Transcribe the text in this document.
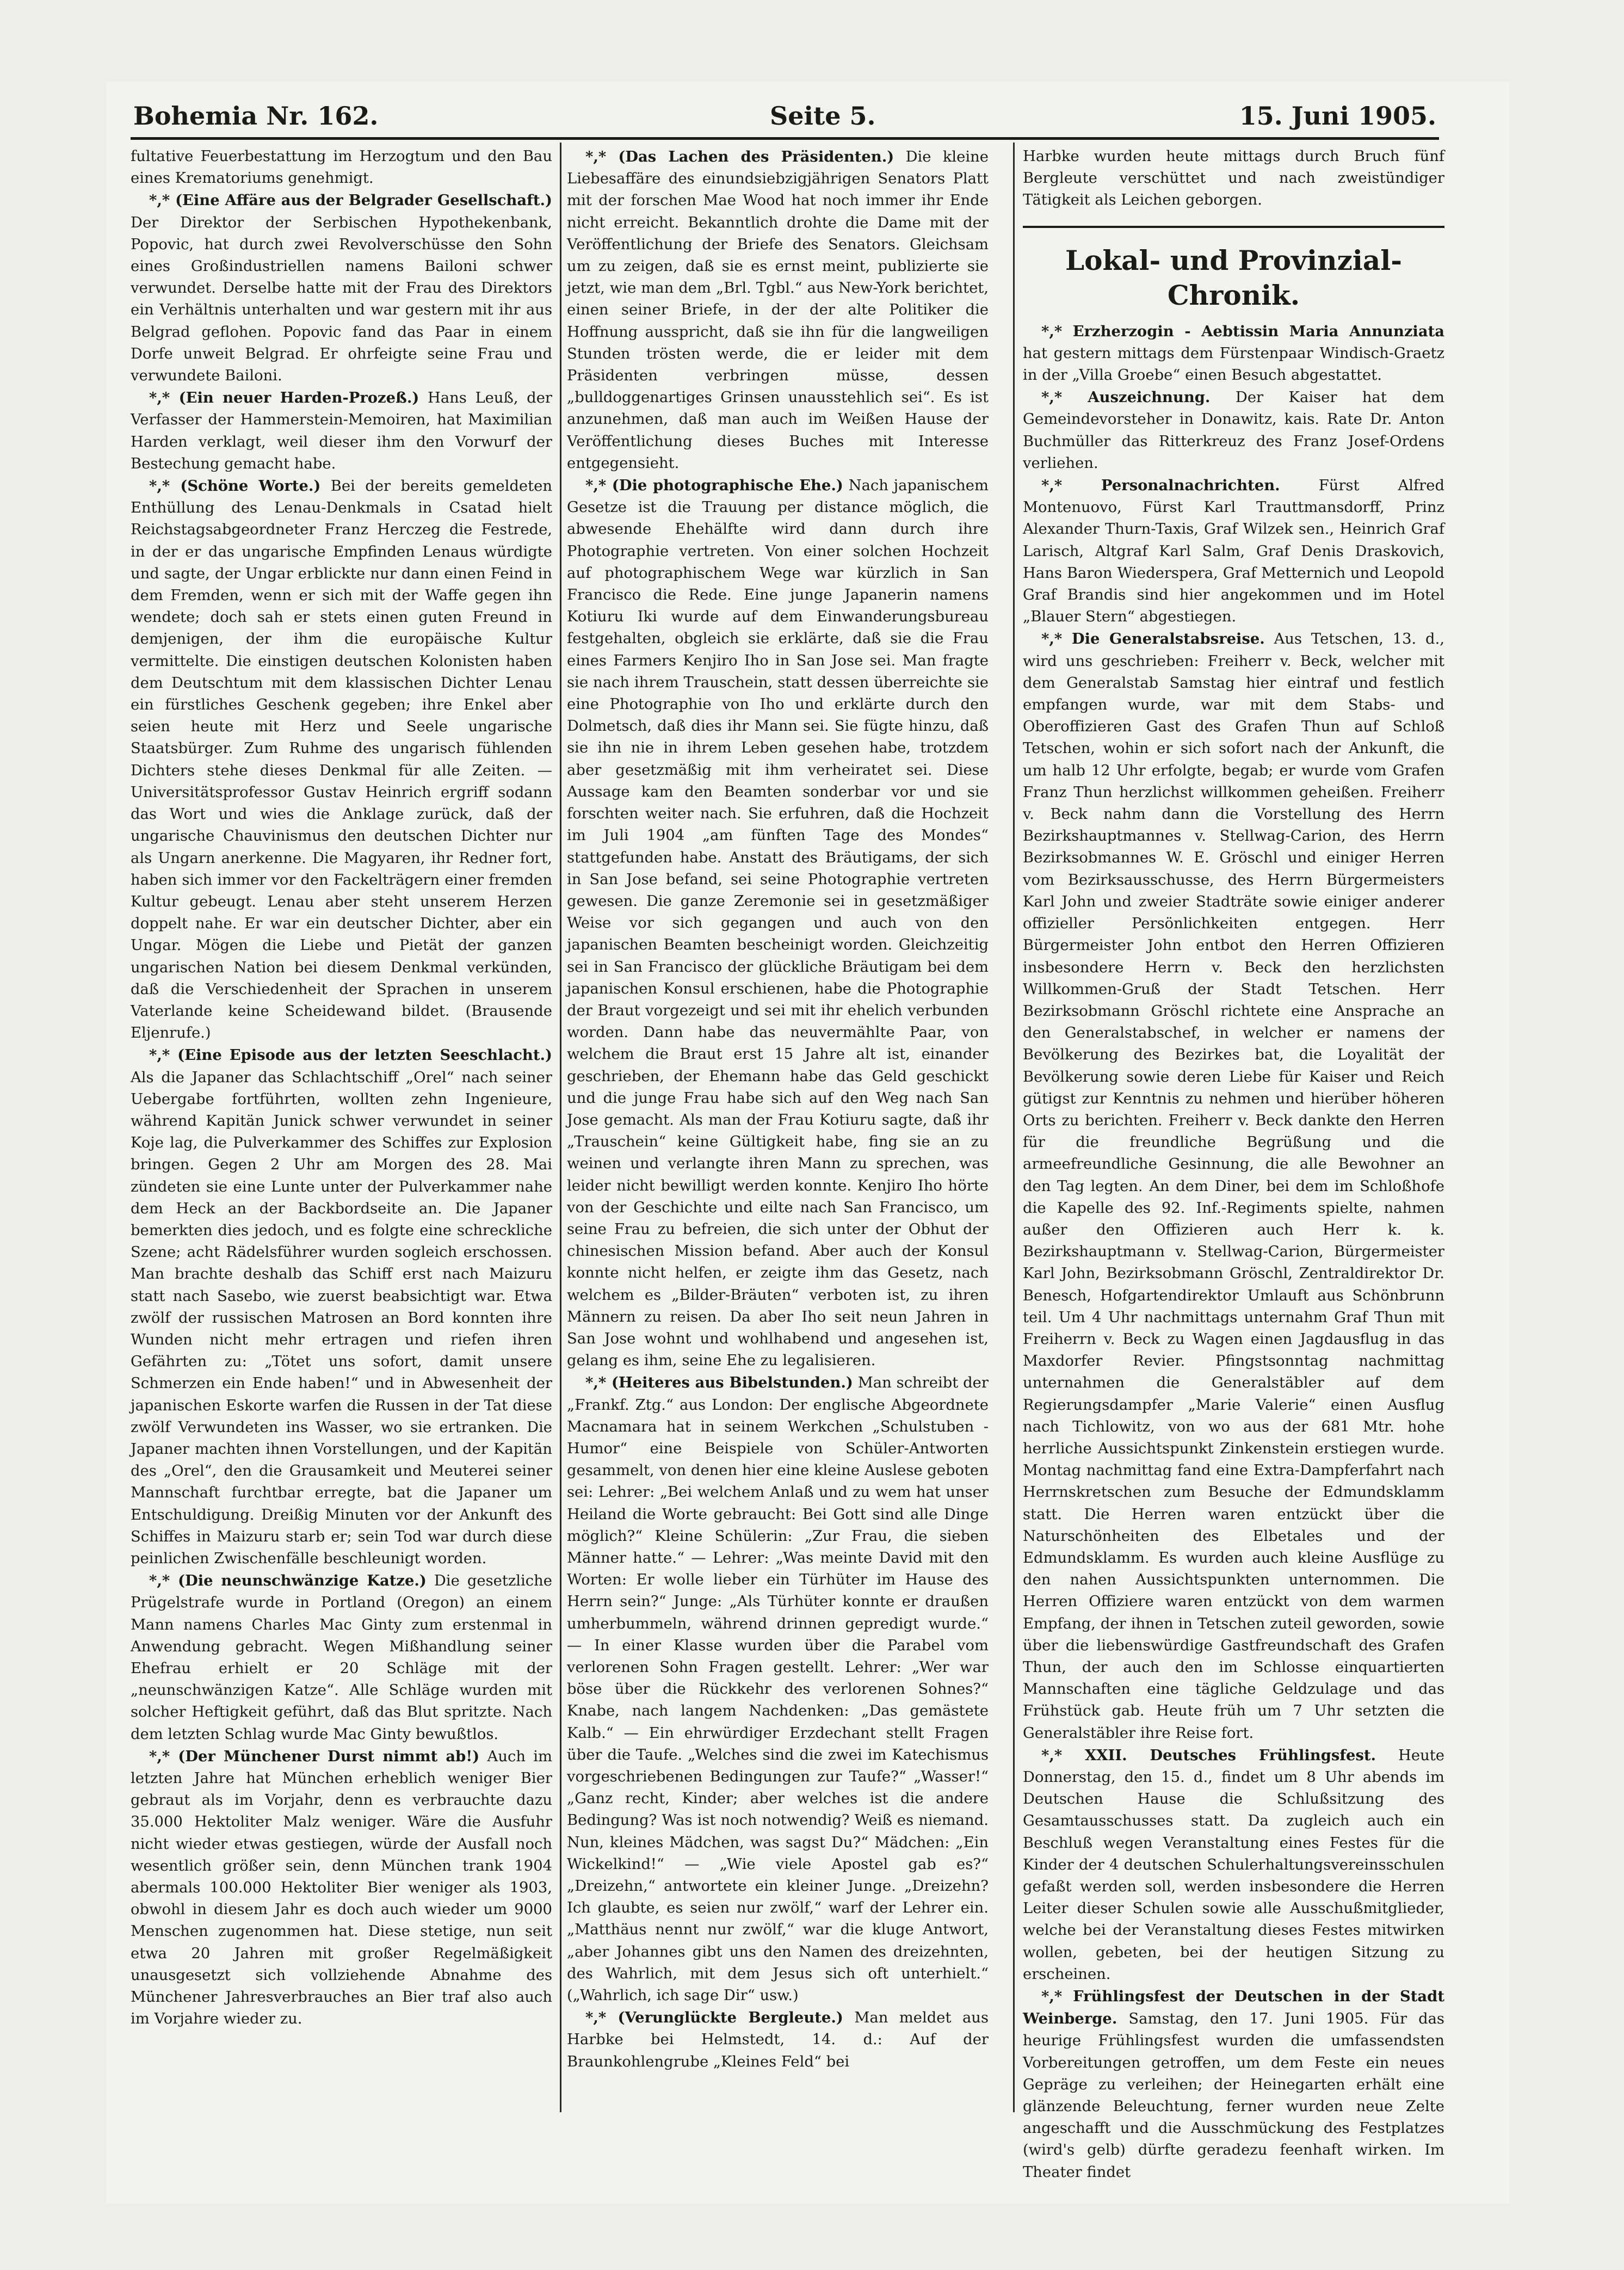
Bohemia Nr. 162.	Seite 5.	15. Juni 1905.

fultative Feuerbestattung im Herzogtum und den Bau eines Krematoriums genehmigt.

*,* (Eine Affäre aus der Belgrader Gesellschaft.) Der Direktor der Serbischen Hypothekenbank, Popovic, hat durch zwei Revolverschüsse den Sohn eines Großindustriellen namens Bailoni schwer verwundet. Derselbe hatte mit der Frau des Direktors ein Verhältnis unterhalten und war gestern mit ihr aus Belgrad geflohen. Popovic fand das Paar in einem Dorfe unweit Belgrad. Er ohrfeigte seine Frau und verwundete Bailoni.

*,* (Ein neuer Harden-Prozeß.) Hans Leuß, der Verfasser der Hammerstein-Memoiren, hat Maximilian Harden verklagt, weil dieser ihm den Vorwurf der Bestechung gemacht habe.

*,* (Schöne Worte.) Bei der bereits gemeldeten Enthüllung des Lenau-Denkmals in Csatad hielt Reichstagsabgeordneter Franz Herczeg die Festrede, in der er das ungarische Empfinden Lenaus würdigte und sagte, der Ungar erblickte nur dann einen Feind in dem Fremden, wenn er sich mit der Waffe gegen ihn wendete; doch sah er stets einen guten Freund in demjenigen, der ihm die europäische Kultur vermittelte. Die einstigen deutschen Kolonisten haben dem Deutschtum mit dem klassischen Dichter Lenau ein fürstliches Geschenk gegeben; ihre Enkel aber seien heute mit Herz und Seele ungarische Staatsbürger. Zum Ruhme des ungarisch fühlenden Dichters stehe dieses Denkmal für alle Zeiten. — Universitätsprofessor Gustav Heinrich ergriff sodann das Wort und wies die Anklage zurück, daß der ungarische Chauvinismus den deutschen Dichter nur als Ungarn anerkenne. Die Magyaren, ihr Redner fort, haben sich immer vor den Fackelträgern einer fremden Kultur gebeugt. Lenau aber steht unserem Herzen doppelt nahe. Er war ein deutscher Dichter, aber ein Ungar. Mögen die Liebe und Pietät der ganzen ungarischen Nation bei diesem Denkmal verkünden, daß die Verschiedenheit der Sprachen in unserem Vaterlande keine Scheidewand bildet. (Brausende Eljenrufe.)

*,* (Eine Episode aus der letzten Seeschlacht.) Als die Japaner das Schlachtschiff „Orel“ nach seiner Uebergabe fortführten, wollten zehn Ingenieure, während Kapitän Junick schwer verwundet in seiner Koje lag, die Pulverkammer des Schiffes zur Explosion bringen. Gegen 2 Uhr am Morgen des 28. Mai zündeten sie eine Lunte unter der Pulverkammer nahe dem Heck an der Backbordseite an. Die Japaner bemerkten dies jedoch, und es folgte eine schreckliche Szene; acht Rädelsführer wurden sogleich erschossen. Man brachte deshalb das Schiff erst nach Maizuru statt nach Sasebo, wie zuerst beabsichtigt war. Etwa zwölf der russischen Matrosen an Bord konnten ihre Wunden nicht mehr ertragen und riefen ihren Gefährten zu: „Tötet uns sofort, damit unsere Schmerzen ein Ende haben!“ und in Abwesenheit der japanischen Eskorte warfen die Russen in der Tat diese zwölf Verwundeten ins Wasser, wo sie ertranken. Die Japaner machten ihnen Vorstellungen, und der Kapitän des „Orel“, den die Grausamkeit und Meuterei seiner Mannschaft furchtbar erregte, bat die Japaner um Entschuldigung. Dreißig Minuten vor der Ankunft des Schiffes in Maizuru starb er; sein Tod war durch diese peinlichen Zwischenfälle beschleunigt worden.

*,* (Die neunschwänzige Katze.) Die gesetzliche Prügelstrafe wurde in Portland (Oregon) an einem Mann namens Charles Mac Ginty zum erstenmal in Anwendung gebracht. Wegen Mißhandlung seiner Ehefrau erhielt er 20 Schläge mit der „neunschwänzigen Katze“. Alle Schläge wurden mit solcher Heftigkeit geführt, daß das Blut spritzte. Nach dem letzten Schlag wurde Mac Ginty bewußtlos.

*,* (Der Münchener Durst nimmt ab!) Auch im letzten Jahre hat München erheblich weniger Bier gebraut als im Vorjahr, denn es verbrauchte dazu 35.000 Hektoliter Malz weniger. Wäre die Ausfuhr nicht wieder etwas gestiegen, würde der Ausfall noch wesentlich größer sein, denn München trank 1904 abermals 100.000 Hektoliter Bier weniger als 1903, obwohl in diesem Jahr es doch auch wieder um 9000 Menschen zugenommen hat. Diese stetige, nun seit etwa 20 Jahren mit großer Regelmäßigkeit unausgesetzt sich vollziehende Abnahme des Münchener Jahresverbrauches an Bier traf also auch im Vorjahre wieder zu.

*,* (Das Lachen des Präsidenten.) Die kleine Liebesaffäre des einundsiebzigjährigen Senators Platt mit der forschen Mae Wood hat noch immer ihr Ende nicht erreicht. Bekanntlich drohte die Dame mit der Veröffentlichung der Briefe des Senators. Gleichsam um zu zeigen, daß sie es ernst meint, publizierte sie jetzt, wie man dem „Brl. Tgbl.“ aus New-York berichtet, einen seiner Briefe, in der der alte Politiker die Hoffnung ausspricht, daß sie ihn für die langweiligen Stunden trösten werde, die er leider mit dem Präsidenten verbringen müsse, dessen „bulldoggenartiges Grinsen unausstehlich sei“. Es ist anzunehmen, daß man auch im Weißen Hause der Veröffentlichung dieses Buches mit Interesse entgegensieht.

*,* (Die photographische Ehe.) Nach japanischem Gesetze ist die Trauung per distance möglich, die abwesende Ehehälfte wird dann durch ihre Photographie vertreten. Von einer solchen Hochzeit auf photographischem Wege war kürzlich in San Francisco die Rede. Eine junge Japanerin namens Kotiuru Iki wurde auf dem Einwanderungsbureau festgehalten, obgleich sie erklärte, daß sie die Frau eines Farmers Kenjiro Iho in San Jose sei. Man fragte sie nach ihrem Trauschein, statt dessen überreichte sie eine Photographie von Iho und erklärte durch den Dolmetsch, daß dies ihr Mann sei. Sie fügte hinzu, daß sie ihn nie in ihrem Leben gesehen habe, trotzdem aber gesetzmäßig mit ihm verheiratet sei. Diese Aussage kam den Beamten sonderbar vor und sie forschten weiter nach. Sie erfuhren, daß die Hochzeit im Juli 1904 „am fünften Tage des Mondes“ stattgefunden habe. Anstatt des Bräutigams, der sich in San Jose befand, sei seine Photographie vertreten gewesen. Die ganze Zeremonie sei in gesetzmäßiger Weise vor sich gegangen und auch von den japanischen Beamten bescheinigt worden. Gleichzeitig sei in San Francisco der glückliche Bräutigam bei dem japanischen Konsul erschienen, habe die Photographie der Braut vorgezeigt und sei mit ihr ehelich verbunden worden. Dann habe das neuvermählte Paar, von welchem die Braut erst 15 Jahre alt ist, einander geschrieben, der Ehemann habe das Geld geschickt und die junge Frau habe sich auf den Weg nach San Jose gemacht. Als man der Frau Kotiuru sagte, daß ihr „Trauschein“ keine Gültigkeit habe, fing sie an zu weinen und verlangte ihren Mann zu sprechen, was leider nicht bewilligt werden konnte. Kenjiro Iho hörte von der Geschichte und eilte nach San Francisco, um seine Frau zu befreien, die sich unter der Obhut der chinesischen Mission befand. Aber auch der Konsul konnte nicht helfen, er zeigte ihm das Gesetz, nach welchem es „Bilder-Bräuten“ verboten ist, zu ihren Männern zu reisen. Da aber Iho seit neun Jahren in San Jose wohnt und wohlhabend und angesehen ist, gelang es ihm, seine Ehe zu legalisieren.

*,* (Heiteres aus Bibelstunden.) Man schreibt der „Frankf. Ztg.“ aus London: Der englische Abgeordnete Macnamara hat in seinem Werkchen „Schulstuben - Humor“ eine Beispiele von Schüler-Antworten gesammelt, von denen hier eine kleine Auslese geboten sei: Lehrer: „Bei welchem Anlaß und zu wem hat unser Heiland die Worte gebraucht: Bei Gott sind alle Dinge möglich?“ Kleine Schülerin: „Zur Frau, die sieben Männer hatte.“ — Lehrer: „Was meinte David mit den Worten: Er wolle lieber ein Türhüter im Hause des Herrn sein?“ Junge: „Als Türhüter konnte er draußen umherbummeln, während drinnen gepredigt wurde.“ — In einer Klasse wurden über die Parabel vom verlorenen Sohn Fragen gestellt. Lehrer: „Wer war böse über die Rückkehr des verlorenen Sohnes?“ Knabe, nach langem Nachdenken: „Das gemästete Kalb.“ — Ein ehrwürdiger Erzdechant stellt Fragen über die Taufe. „Welches sind die zwei im Katechismus vorgeschriebenen Bedingungen zur Taufe?“ „Wasser!“ „Ganz recht, Kinder; aber welches ist die andere Bedingung? Was ist noch notwendig? Weiß es niemand. Nun, kleines Mädchen, was sagst Du?“ Mädchen: „Ein Wickelkind!“ — „Wie viele Apostel gab es?“ „Dreizehn,“ antwortete ein kleiner Junge. „Dreizehn? Ich glaubte, es seien nur zwölf,“ warf der Lehrer ein. „Matthäus nennt nur zwölf,“ war die kluge Antwort, „aber Johannes gibt uns den Namen des dreizehnten, des Wahrlich, mit dem Jesus sich oft unterhielt.“ („Wahrlich, ich sage Dir“ usw.)

*,* (Verunglückte Bergleute.) Man meldet aus Harbke bei Helmstedt, 14. d.: Auf der Braunkohlengrube „Kleines Feld“ bei

Harbke wurden heute mittags durch Bruch fünf Bergleute verschüttet und nach zweistündiger Tätigkeit als Leichen geborgen.

Lokal- und Provinzial-Chronik.

*,* Erzherzogin - Aebtissin Maria Annunziata hat gestern mittags dem Fürstenpaar Windisch-Graetz in der „Villa Groebe“ einen Besuch abgestattet.

*,* Auszeichnung. Der Kaiser hat dem Gemeindevorsteher in Donawitz, kais. Rate Dr. Anton Buchmüller das Ritterkreuz des Franz Josef-Ordens verliehen.

*,* Personalnachrichten. Fürst Alfred Montenuovo, Fürst Karl Trauttmansdorff, Prinz Alexander Thurn-Taxis, Graf Wilzek sen., Heinrich Graf Larisch, Altgraf Karl Salm, Graf Denis Draskovich, Hans Baron Wiederspera, Graf Metternich und Leopold Graf Brandis sind hier angekommen und im Hotel „Blauer Stern“ abgestiegen.

*,* Die Generalstabsreise. Aus Tetschen, 13. d., wird uns geschrieben: Freiherr v. Beck, welcher mit dem Generalstab Samstag hier eintraf und festlich empfangen wurde, war mit dem Stabs- und Oberoffizieren Gast des Grafen Thun auf Schloß Tetschen, wohin er sich sofort nach der Ankunft, die um halb 12 Uhr erfolgte, begab; er wurde vom Grafen Franz Thun herzlichst willkommen geheißen. Freiherr v. Beck nahm dann die Vorstellung des Herrn Bezirkshauptmannes v. Stellwag-Carion, des Herrn Bezirksobmannes W. E. Gröschl und einiger Herren vom Bezirksausschusse, des Herrn Bürgermeisters Karl John und zweier Stadträte sowie einiger anderer offizieller Persönlichkeiten entgegen. Herr Bürgermeister John entbot den Herren Offizieren insbesondere Herrn v. Beck den herzlichsten Willkommen-Gruß der Stadt Tetschen. Herr Bezirksobmann Gröschl richtete eine Ansprache an den Generalstabschef, in welcher er namens der Bevölkerung des Bezirkes bat, die Loyalität der Bevölkerung sowie deren Liebe für Kaiser und Reich gütigst zur Kenntnis zu nehmen und hierüber höheren Orts zu berichten. Freiherr v. Beck dankte den Herren für die freundliche Begrüßung und die armeefreundliche Gesinnung, die alle Bewohner an den Tag legten. An dem Diner, bei dem im Schloßhofe die Kapelle des 92. Inf.-Regiments spielte, nahmen außer den Offizieren auch Herr k. k. Bezirkshauptmann v. Stellwag-Carion, Bürgermeister Karl John, Bezirksobmann Gröschl, Zentraldirektor Dr. Benesch, Hofgartendirektor Umlauft aus Schönbrunn teil. Um 4 Uhr nachmittags unternahm Graf Thun mit Freiherrn v. Beck zu Wagen einen Jagdausflug in das Maxdorfer Revier. Pfingstsonntag nachmittag unternahmen die Generalstäbler auf dem Regierungsdampfer „Marie Valerie“ einen Ausflug nach Tichlowitz, von wo aus der 681 Mtr. hohe herrliche Aussichtspunkt Zinkenstein erstiegen wurde. Montag nachmittag fand eine Extra-Dampferfahrt nach Herrnskretschen zum Besuche der Edmundsklamm statt. Die Herren waren entzückt über die Naturschönheiten des Elbetales und der Edmundsklamm. Es wurden auch kleine Ausflüge zu den nahen Aussichtspunkten unternommen. Die Herren Offiziere waren entzückt von dem warmen Empfang, der ihnen in Tetschen zuteil geworden, sowie über die liebenswürdige Gastfreundschaft des Grafen Thun, der auch den im Schlosse einquartierten Mannschaften eine tägliche Geldzulage und das Frühstück gab. Heute früh um 7 Uhr setzten die Generalstäbler ihre Reise fort.

*,* XXII. Deutsches Frühlingsfest. Heute Donnerstag, den 15. d., findet um 8 Uhr abends im Deutschen Hause die Schlußsitzung des Gesamtausschusses statt. Da zugleich auch ein Beschluß wegen Veranstaltung eines Festes für die Kinder der 4 deutschen Schulerhaltungsvereinsschulen gefaßt werden soll, werden insbesondere die Herren Leiter dieser Schulen sowie alle Ausschußmitglieder, welche bei der Veranstaltung dieses Festes mitwirken wollen, gebeten, bei der heutigen Sitzung zu erscheinen.

*,* Frühlingsfest der Deutschen in der Stadt Weinberge. Samstag, den 17. Juni 1905. Für das heurige Frühlingsfest wurden die umfassendsten Vorbereitungen getroffen, um dem Feste ein neues Gepräge zu verleihen; der Heinegarten erhält eine glänzende Beleuchtung, ferner wurden neue Zelte angeschafft und die Ausschmückung des Festplatzes (wird's gelb) dürfte geradezu feenhaft wirken. Im Theater findet
